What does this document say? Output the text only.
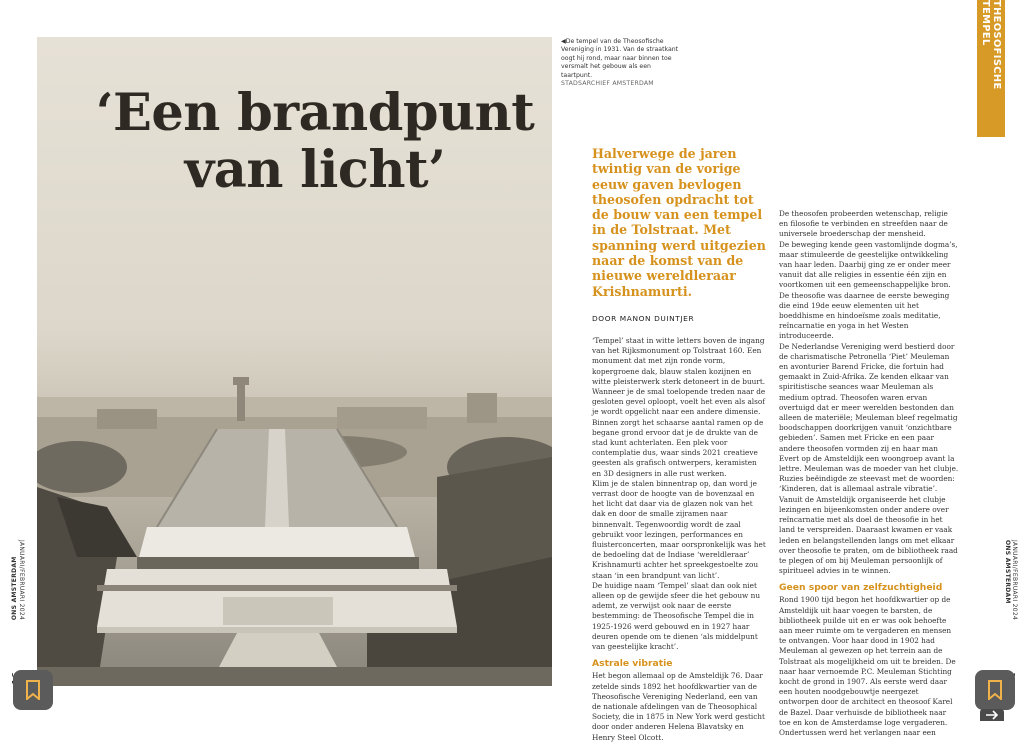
‘Een brandpunt van licht’
◀De tempel van de Theosofische Vereniging in 1931. Van de straatkant oogt hij rond, maar naar binnen toe versmalt het gebouw als een taartpunt.
STADSARCHIEF AMSTERDAM

Halverwege de jaren twintig van de vorige eeuw gaven bevlogen theosofen opdracht tot de bouw van een tempel in de Tolstraat. Met spanning werd uitgezien naar de komst van de nieuwe wereldleraar Krishnamurti.

DOOR MANON DUINTJER

‘Tempel’ staat in witte letters boven de ingang van het Rijksmonument op Tolstraat 160. Een monument dat met zijn ronde vorm, kopergroene dak, blauw stalen kozijnen en witte pleisterwerk sterk detoneert in de buurt. Wanneer je de smal toelopende treden naar de gesloten gevel oploopt, voelt het even als alsof je wordt opgelicht naar een andere dimensie. Binnen zorgt het schaarse aantal ramen op de begane grond ervoor dat je de drukte van de stad kunt achterlaten. Een plek voor contemplatie dus, waar sinds 2021 creatieve geesten als grafisch ontwerpers, keramisten en 3D designers in alle rust werken.

Klim je de stalen binnentrap op, dan word je verrast door de hoogte van de bovenzaal en het licht dat daar via de glazen nok van het dak en door de smalle zijramen naar binnenvalt. Tegenwoordig wordt de zaal gebruikt voor lezingen, performances en fluisterconcerten, maar oorspronkelijk was het de bedoeling dat de Indiase ‘wereldleraar’ Krishnamurti achter het spreekgestoelte zou staan ‘in een brandpunt van licht’.

De huidige naam ‘Tempel’ slaat dan ook niet alleen op de gewijde sfeer die het gebouw nu ademt, ze verwijst ook naar de eerste bestemming: de Theosofische Tempel die in 1925-1926 werd gebouwd en in 1927 haar deuren opende om te dienen ‘als middelpunt van geestelijke kracht’.

Astrale vibratie

Het begon allemaal op de Amsteldijk 76. Daar zetelde sinds 1892 het hoofdkwartier van de Theosofische Vereniging Nederland, een van de nationale afdelingen van de Theosophical Society, die in 1875 in New York werd gesticht door onder anderen Helena Blavatsky en Henry Steel Olcott.

De theosofen probeerden wetenschap, religie en filosofie te verbinden en streefden naar de universele broederschap der mensheid.

De beweging kende geen vastomlijnde dogma’s, maar stimuleerde de geestelijke ontwikkeling van haar leden. Daarbij ging ze er onder meer vanuit dat alle religies in essentie één zijn en voortkomen uit een gemeenschappelijke bron. De theosofie was daarnee de eerste beweging die eind 19de eeuw elementen uit het boeddhisme en hindoeïsme zoals meditatie, reïncarnatie en yoga in het Westen introduceerde.

De Nederlandse Vereniging werd bestierd door de charismatische Petronella ‘Piet’ Meuleman en avonturier Barend Fricke, die fortuin had gemaakt in Zuid-Afrika. Ze kenden elkaar van spiritistische seances waar Meuleman als medium optrad. Theosofen waren ervan overtuigd dat er meer werelden bestonden dan alleen de materiële; Meuleman bleef regelmatig boodschappen doorkrijgen vanuit ‘onzichtbare gebieden’. Samen met Fricke en een paar andere theosofen vormden zij en haar man Evert op de Amsteldijk een woongroep avant la lettre. Meuleman was de moeder van het clubje. Ruzies beëindigde ze steevast met de woorden: ‘Kinderen, dat is allemaal astrale vibratie’. Vanuit de Amsteldijk organiseerde het clubje lezingen en bijeenkomsten onder andere over reïncarnatie met als doel de theosofie in het land te verspreiden. Daaraast kwamen er vaak leden en belangstellenden langs om met elkaar over theosofie te praten, om de bibliotheek raad te plegen of om bij Meuleman persoonlijk of spiritueel advies in te winnen.

Geen spoor van zelfzuchtigheid

Rond 1900 tijd begon het hoofdkwartier op de Amsteldijk uit haar voegen te barsten, de bibliotheek puilde uit en er was ook behoefte aan meer ruimte om te vergaderen en mensen te ontvangen. Voor haar dood in 1902 had Meuleman al gewezen op het terrein aan de Tolstraat als mogelijkheid om uit te breiden. De naar haar vernoemde P.C. Meuleman Stichting kocht de grond in 1907. Als eerste werd daar een houten noodgebouwtje neergezet ontworpen door de architect en theosoof Karel de Bazel. Daar verhuisde de bibliotheek naar toe en kon de Amsterdamse loge vergaderen. Ondertussen werd het verlangen naar een

THEOSOFISCHE TEMPEL
ONS AMSTERDAM JANUARI/FEBRUARI 2024	JANUARI/FEBRUARI 2024
ONS AMSTERDAM
